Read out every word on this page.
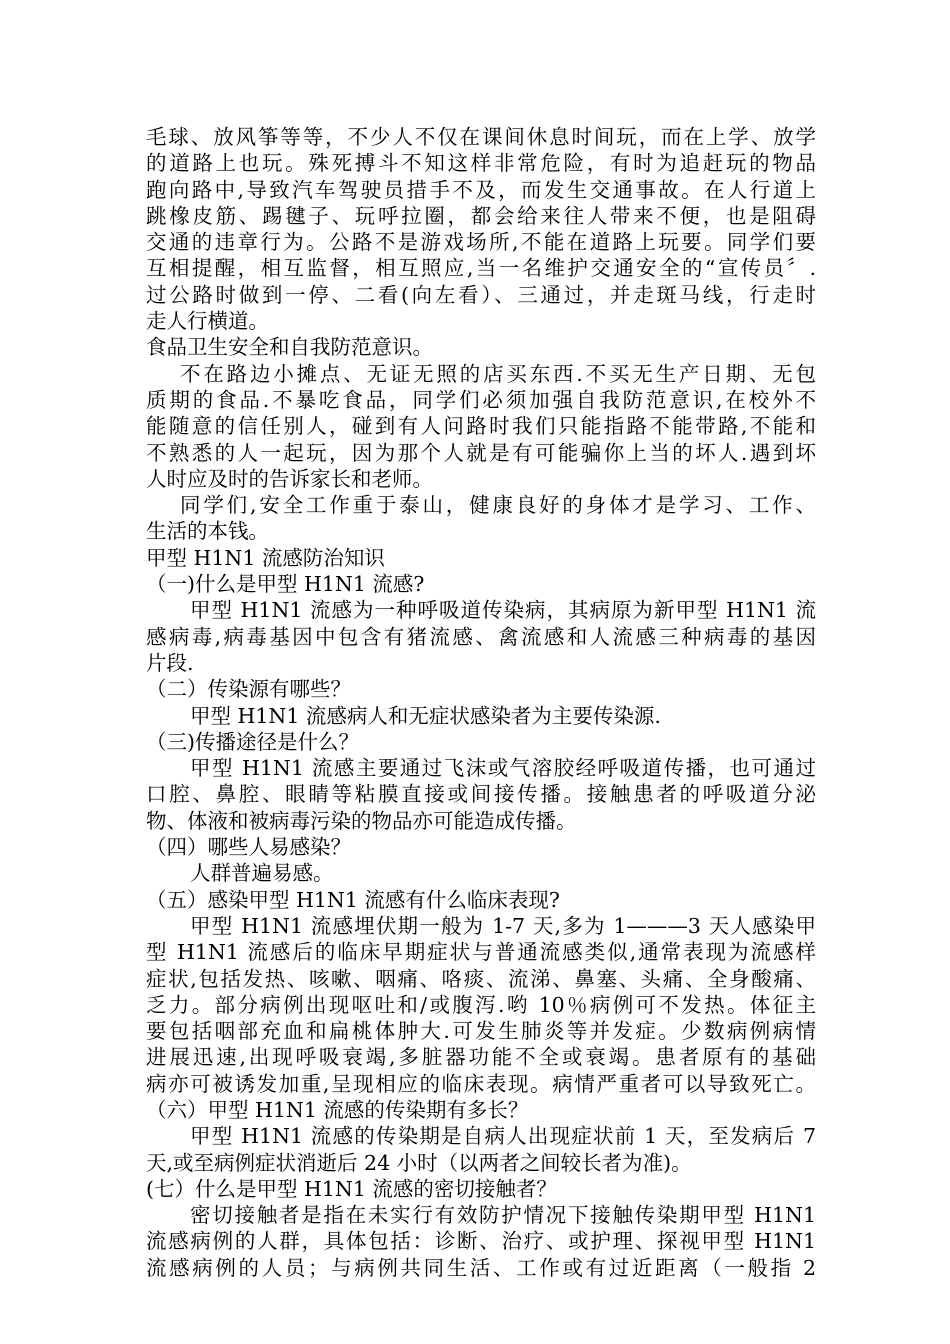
毛球、放风筝等等，不少人不仅在课间休息时间玩，而在上学、放学
的道路上也玩。殊死搏斗不知这样非常危险，有时为追赶玩的物品
跑向路中,导致汽车驾驶员措手不及，而发生交通事故。在人行道上
跳橡皮筋、踢毽子、玩呼拉圈，都会给来往人带来不便，也是阻碍
交通的违章行为。公路不是游戏场所,不能在道路上玩要。同学们要
互相提醒，相互监督，相互照应,当一名维护交通安全的“宣传员〞.
过公路时做到一停、二看(向左看）、三通过，并走斑马线，行走时
走人行横道。
食品卫生安全和自我防范意识。
不在路边小摊点、无证无照的店买东西.不买无生产日期、无包
质期的食品.不暴吃食品，同学们必须加强自我防范意识,在校外不
能随意的信任别人，碰到有人问路时我们只能指路不能带路,不能和
不熟悉的人一起玩，因为那个人就是有可能骗你上当的坏人.遇到坏
人时应及时的告诉家长和老师。
同学们,安全工作重于泰山，健康良好的身体才是学习、工作、
生活的本钱。
甲型 H1N1 流感防治知识
（一)什么是甲型 H1N1 流感?
甲型 H1N1 流感为一种呼吸道传染病，其病原为新甲型 H1N1 流
感病毒,病毒基因中包含有猪流感、禽流感和人流感三种病毒的基因
片段.
（二）传染源有哪些？
甲型 H1N1 流感病人和无症状感染者为主要传染源.
（三)传播途径是什么？
甲型 H1N1 流感主要通过飞沫或气溶胶经呼吸道传播，也可通过
口腔、鼻腔、眼睛等粘膜直接或间接传播。接触患者的呼吸道分泌
物、体液和被病毒污染的物品亦可能造成传播。
（四）哪些人易感染？
人群普遍易感。
（五）感染甲型 H1N1 流感有什么临床表现?
甲型 H1N1 流感埋伏期一般为 1-7 天,多为 1———3 天人感染甲
型 H1N1 流感后的临床早期症状与普通流感类似,通常表现为流感样
症状,包括发热、咳嗽、咽痛、咯痰、流涕、鼻塞、头痛、全身酸痛、
乏力。部分病例出现呕吐和/或腹泻.哟 10％病例可不发热。体征主
要包括咽部充血和扁桃体肿大.可发生肺炎等并发症。少数病例病情
进展迅速,出现呼吸衰竭,多脏器功能不全或衰竭。患者原有的基础
病亦可被诱发加重,呈现相应的临床表现。病情严重者可以导致死亡。
（六）甲型 H1N1 流感的传染期有多长？
甲型 H1N1 流感的传染期是自病人出现症状前 1 天，至发病后 7
天,或至病例症状消逝后 24 小时（以两者之间较长者为准)。
(七）什么是甲型 H1N1 流感的密切接触者？
密切接触者是指在未实行有效防护情况下接触传染期甲型 H1N1
流感病例的人群，具体包括：诊断、治疗、或护理、探视甲型 H1N1
流感病例的人员；与病例共同生活、工作或有过近距离（一般指 2
